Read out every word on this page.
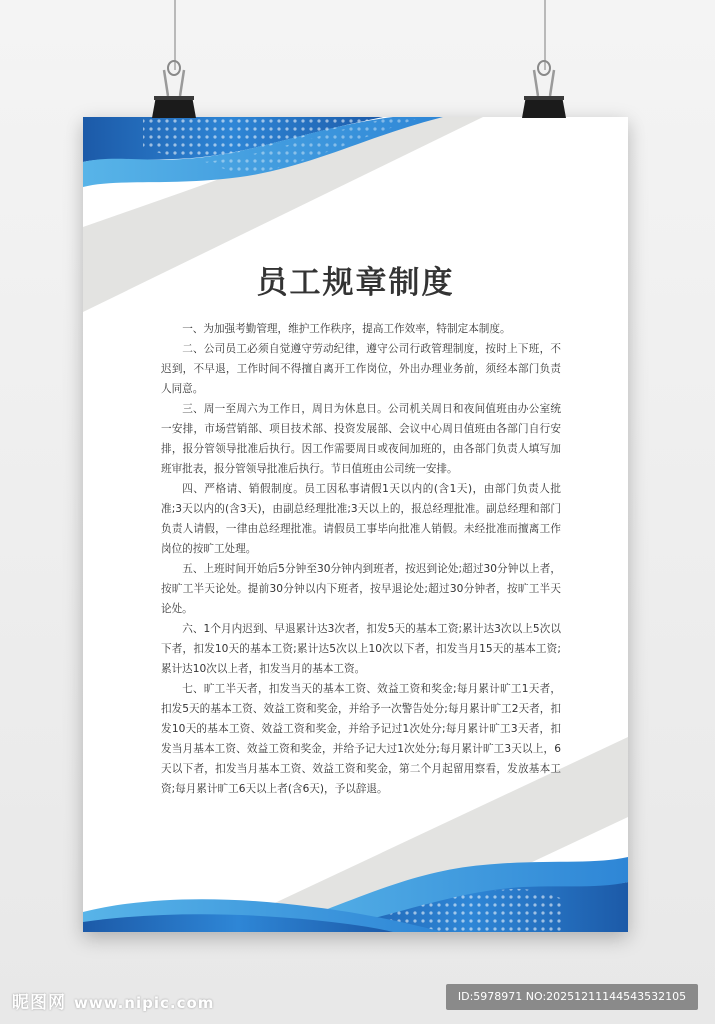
员工规章制度

一、为加强考勤管理，维护工作秩序，提高工作效率，特制定本制度。

二、公司员工必须自觉遵守劳动纪律，遵守公司行政管理制度，按时上下班，不迟到，不早退，工作时间不得擅自离开工作岗位，外出办理业务前，须经本部门负责人同意。

三、周一至周六为工作日，周日为休息日。公司机关周日和夜间值班由办公室统一安排，市场营销部、项目技术部、投资发展部、会议中心周日值班由各部门自行安排，报分管领导批准后执行。因工作需要周日或夜间加班的，由各部门负责人填写加班审批表，报分管领导批准后执行。节日值班由公司统一安排。

四、严格请、销假制度。员工因私事请假1天以内的(含1天)，由部门负责人批准;3天以内的(含3天)，由副总经理批准;3天以上的，报总经理批准。副总经理和部门负责人请假，一律由总经理批准。请假员工事毕向批准人销假。未经批准而擅离工作岗位的按旷工处理。

五、上班时间开始后5分钟至30分钟内到班者，按迟到论处;超过30分钟以上者，按旷工半天论处。提前30分钟以内下班者，按早退论处;超过30分钟者，按旷工半天论处。

六、1个月内迟到、早退累计达3次者，扣发5天的基本工资;累计达3次以上5次以下者，扣发10天的基本工资;累计达5次以上10次以下者，扣发当月15天的基本工资;累计达10次以上者，扣发当月的基本工资。

七、旷工半天者，扣发当天的基本工资、效益工资和奖金;每月累计旷工1天者，扣发5天的基本工资、效益工资和奖金，并给予一次警告处分;每月累计旷工2天者，扣发10天的基本工资、效益工资和奖金，并给予记过1次处分;每月累计旷工3天者，扣发当月基本工资、效益工资和奖金，并给予记大过1次处分;每月累计旷工3天以上，6天以下者，扣发当月基本工资、效益工资和奖金，第二个月起留用察看，发放基本工资;每月累计旷工6天以上者(含6天)，予以辞退。

昵图网 www.nipic.com	ID:5978971 NO:20251211144543532105
